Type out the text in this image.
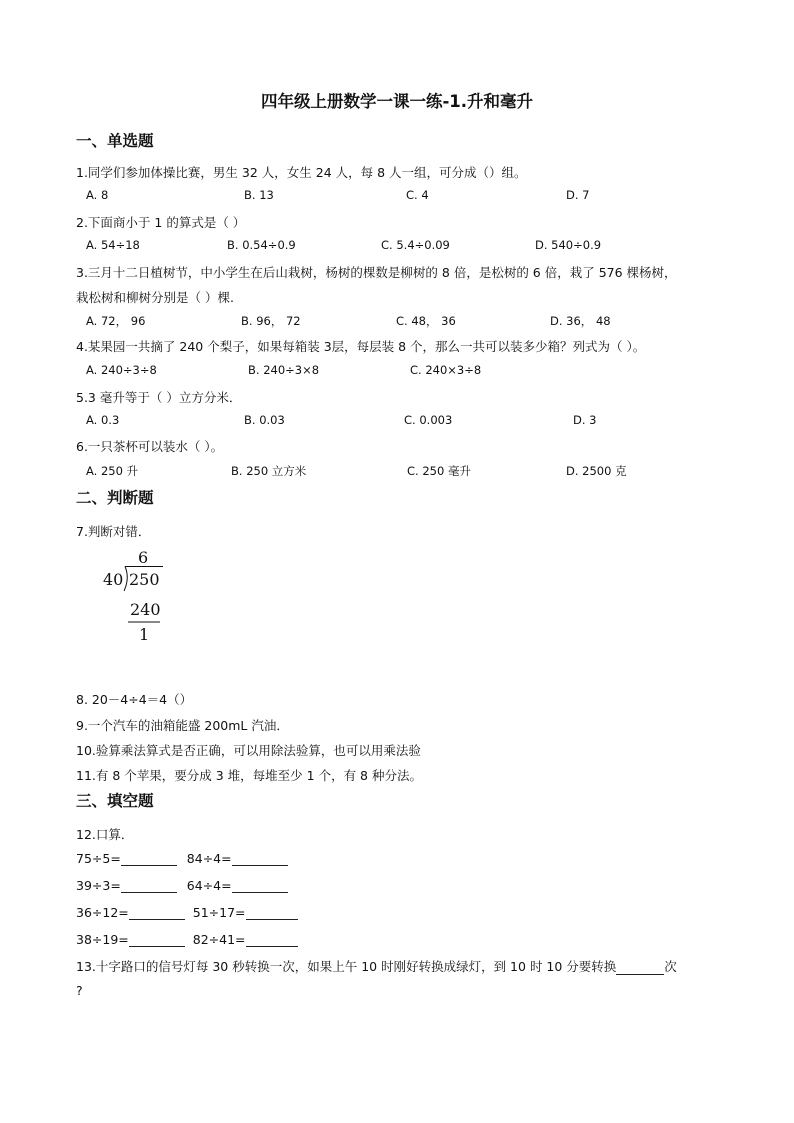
四年级上册数学一课一练-1.升和毫升
一、单选题
1.同学们参加体操比赛，男生 32 人，女生 24 人，每 8 人一组，可分成（）组。
A. 8	B. 13	C. 4	D. 7
2.下面商小于 1 的算式是（ ）
A. 54÷18	B. 0.54÷0.9	C. 5.4÷0.09	D. 540÷0.9
3.三月十二日植树节，中小学生在后山栽树，杨树的棵数是柳树的 8 倍，是松树的 6 倍，栽了 576 棵杨树，
栽松树和柳树分别是（ ）棵.
A. 72， 96	B. 96， 72	C. 48， 36	D. 36， 48
4.某果园一共摘了 240 个梨子，如果每箱装 3层，每层装 8 个，那么一共可以装多少箱？列式为（ ）。
A. 240÷3÷8	B. 240÷3×8	C. 240×3÷8
5.3 毫升等于（ ）立方分米．
A. 0.3	B. 0.03	C. 0.003	D. 3
6.一只茶杯可以装水（ ）。
A. 250 升	B. 250 立方米	C. 250 毫升	D. 2500 克
二、判断题
7.判断对错．
6
40 250
240
1
8. 20－4÷4＝4（）
9.一个汽车的油箱能盛 200mL 汽油．
10.验算乘法算式是否正确，可以用除法验算，也可以用乘法验
11.有 8 个苹果，要分成 3 堆，每堆至少 1 个，有 8 种分法。
三、填空题
12.口算．
75÷5=	84÷4=
39÷3=	64÷4=
36÷12=	51÷17=
38÷19=	82÷41=
13.十字路口的信号灯每 30 秒转换一次，如果上午 10 时刚好转换成绿灯，到 10 时 10 分要转换	次
?
